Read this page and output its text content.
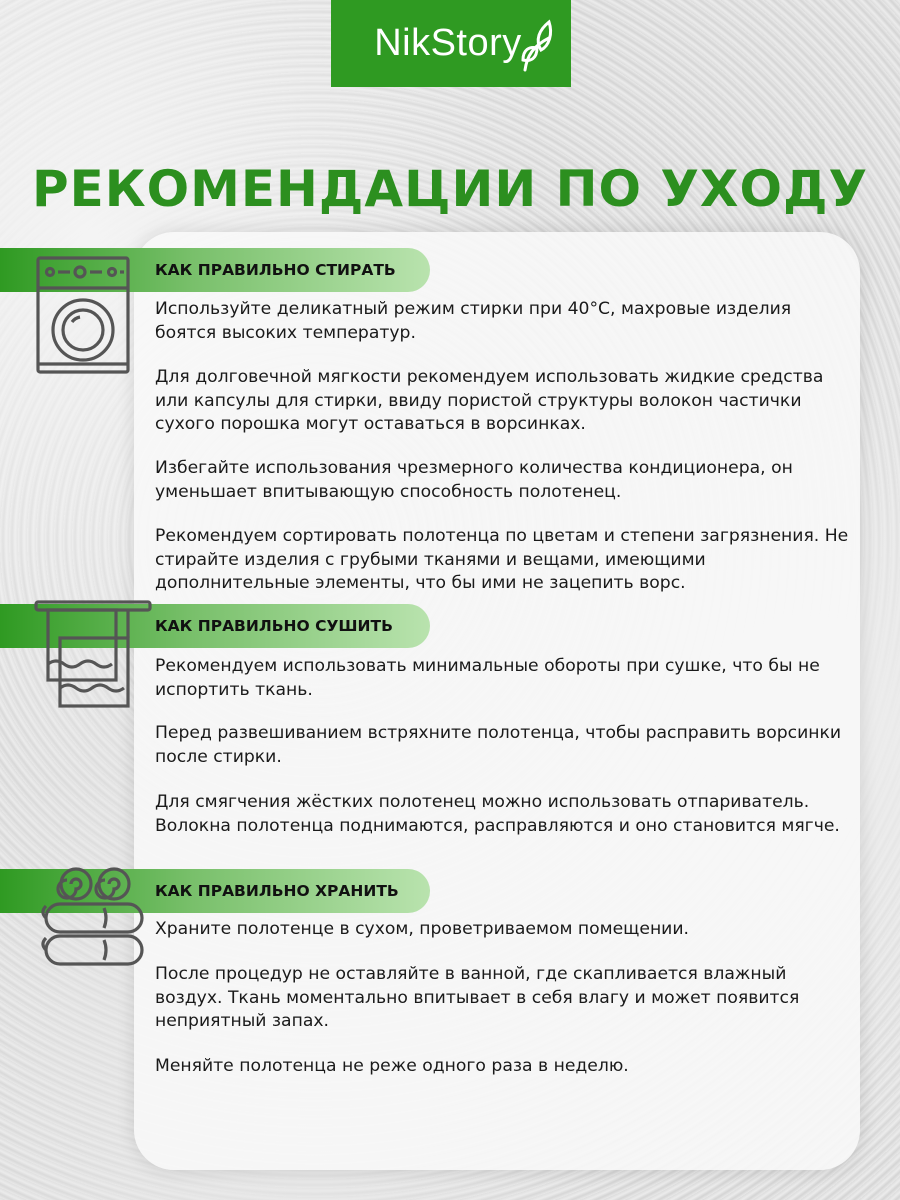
NikStory
РЕКОМЕНДАЦИИ ПО УХОДУ
КАК ПРАВИЛЬНО СТИРАТЬ

Используйте деликатный режим стирки при 40°С, махровые изделия боятся высоких температур.

Для долговечной мягкости рекомендуем использовать жидкие средства или капсулы для стирки, ввиду пористой структуры волокон частички сухого порошка могут оставаться в ворсинках.

Избегайте использования чрезмерного количества кондиционера, он уменьшает впитывающую способность полотенец.

Рекомендуем сортировать полотенца по цветам и степени загрязнения. Не стирайте изделия с грубыми тканями и вещами, имеющими дополнительные элементы, что бы ими не зацепить ворс.

КАК ПРАВИЛЬНО СУШИТЬ

Рекомендуем использовать минимальные обороты при сушке, что бы не испортить ткань.

Перед развешиванием встряхните полотенца, чтобы расправить ворсинки после стирки.

Для смягчения жёстких полотенец можно использовать отпариватель. Волокна полотенца поднимаются, расправляются и оно становится мягче.

КАК ПРАВИЛЬНО ХРАНИТЬ

Храните полотенце в сухом, проветриваемом помещении.

После процедур не оставляйте в ванной, где скапливается влажный воздух. Ткань моментально впитывает в себя влагу и может появится неприятный запах.

Меняйте полотенца не реже одного раза в неделю.
